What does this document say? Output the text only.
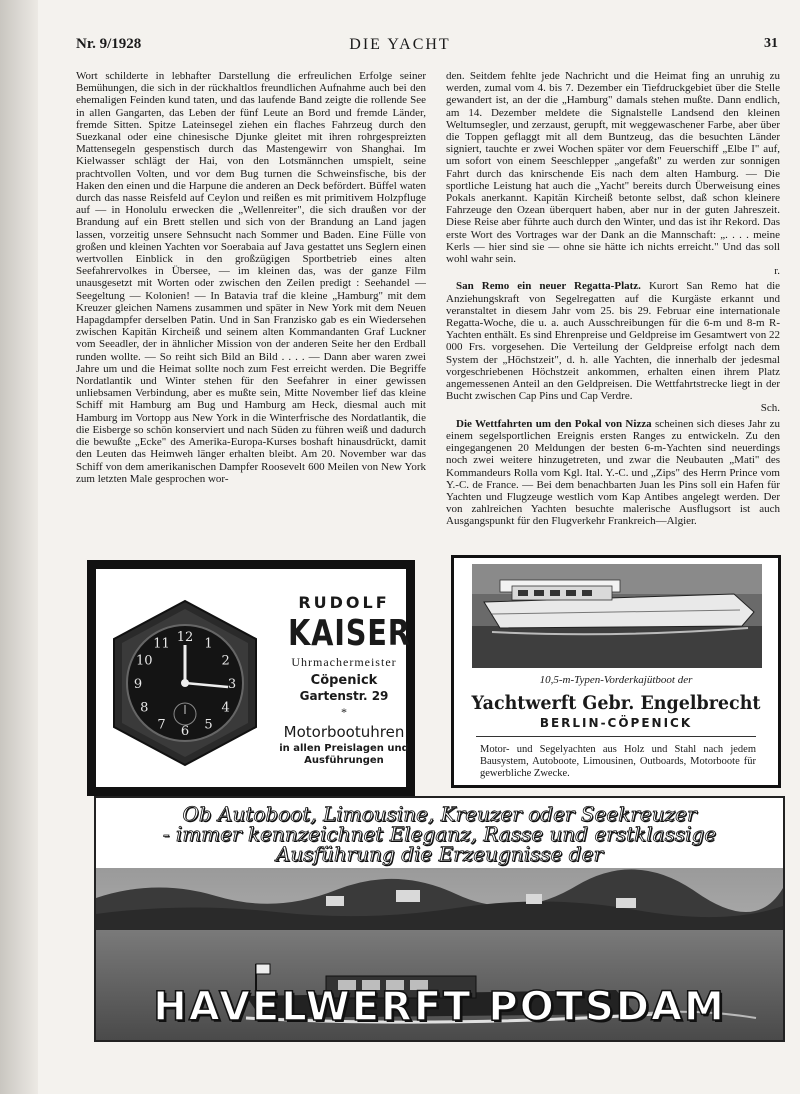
DIE YACHT
Nr. 9/1928	31

Wort schilderte in lebhafter Darstellung die erfreulichen Erfolge seiner Bemühungen, die sich in der rückhaltlos freundlichen Aufnahme auch bei den ehemaligen Feinden kund taten, und das laufende Band zeigte die rollende See in allen Gangarten, das Leben der fünf Leute an Bord und fremde Länder, fremde Sitten. Spitze Lateinsegel ziehen ein flaches Fahrzeug durch den Suezkanal oder eine chinesische Djunke gleitet mit ihren rohrgespreizten Mattensegeln gespenstisch durch das Mastengewirr von Shanghai. Im Kielwasser schlägt der Hai, von den Lotsmännchen umspielt, seine prachtvollen Volten, und vor dem Bug turnen die Schweinsfische, bis der Haken den einen und die Harpune die anderen an Deck befördert. Büffel waten durch das nasse Reisfeld auf Ceylon und reißen es mit primitivem Holzpfluge auf — in Honolulu erwecken die „Wellenreiter", die sich draußen vor der Brandung auf ein Brett stellen und sich von der Brandung an Land jagen lassen, vorzeitig unsere Sehnsucht nach Sommer und Baden. Eine Fülle von großen und kleinen Yachten vor Soerabaia auf Java gestattet uns Seglern einen wertvollen Einblick in den großzügigen Sportbetrieb eines alten Seefahrervolkes in Übersee, — im kleinen das, was der ganze Film unausgesetzt mit Worten oder zwischen den Zeilen predigt : Seehandel — Seegeltung — Kolonien! — In Batavia traf die kleine „Hamburg" mit dem Kreuzer gleichen Namens zusammen und später in New York mit dem Neuen Hapagdampfer derselben Patin. Und in San Franzisko gab es ein Wiedersehen zwischen Kapitän Kircheiß und seinem alten Kommandanten Graf Luckner vom Seeadler, der in ähnlicher Mission von der anderen Seite her den Erdball runden wollte. — So reiht sich Bild an Bild . . . . — Dann aber waren zwei Jahre um und die Heimat sollte noch zum Fest erreicht werden. Die Begriffe Nordatlantik und Winter stehen für den Seefahrer in einer gewissen unliebsamen Verbindung, aber es mußte sein, Mitte November lief das kleine Schiff mit Hamburg am Bug und Hamburg am Heck, diesmal auch mit Hamburg im Vortopp aus New York in die Winterfrische des Nordatlantik, die die Eisberge so schön konserviert und nach Süden zu führen weiß und dadurch die bewußte „Ecke" des Amerika-Europa-Kurses boshaft hinausdrückt, damit den Leuten das Heimweh länger erhalten bleibt. Am 20. November war das Schiff von dem amerikanischen Dampfer Roosevelt 600 Meilen von New York zum letzten Male gesprochen wor-

den. Seitdem fehlte jede Nachricht und die Heimat fing an unruhig zu werden, zumal vom 4. bis 7. Dezember ein Tiefdruckgebiet über die Stelle gewandert ist, an der die „Hamburg" damals stehen mußte. Dann endlich, am 14. Dezember meldete die Signalstelle Landsend den kleinen Weltumsegler, und zerzaust, gerupft, mit weggewaschener Farbe, aber über die Toppen geflaggt mit all dem Buntzeug, das die besuchten Länder signiert, tauchte er zwei Wochen später vor dem Feuerschiff „Elbe I" auf, um sofort von einem Seeschlepper „angefaßt" zu werden zur sonnigen Fahrt durch das knirschende Eis nach dem alten Hamburg. — Die sportliche Leistung hat auch die „Yacht" bereits durch Überweisung eines Pokals anerkannt. Kapitän Kircheiß betonte selbst, daß schon kleinere Fahrzeuge den Ozean überquert haben, aber nur in der guten Jahreszeit. Diese Reise aber führte auch durch den Winter, und das ist ihr Rekord. Das erste Wort des Vortrages war der Dank an die Mannschaft: „. . . . meine Kerls — hier sind sie — ohne sie hätte ich nichts erreicht." Und das soll wohl wahr sein.
r.

San Remo ein neuer Regatta-Platz. Kurort San Remo hat die Anziehungskraft von Segelregatten auf die Kurgäste erkannt und veranstaltet in diesem Jahr vom 25. bis 29. Februar eine internationale Regatta-Woche, die u. a. auch Ausschreibungen für die 6-m und 8-m R-Yachten enthält. Es sind Ehrenpreise und Geldpreise im Gesamtwert von 22 000 Frs. vorgesehen. Die Verteilung der Geldpreise erfolgt nach dem System der „Höchstzeit", d. h. alle Yachten, die innerhalb der jedesmal vorgeschriebenen Höchstzeit ankommen, erhalten einen ihrem Platz angemessenen Anteil an den Geldpreisen. Die Wettfahrtstrecke liegt in der Bucht zwischen Cap Pins und Cap Verdre.
Sch.

Die Wettfahrten um den Pokal von Nizza scheinen sich dieses Jahr zu einem segelsportlichen Ereignis ersten Ranges zu entwickeln. Zu den eingegangenen 20 Meldungen der besten 6-m-Yachten sind neuerdings noch zwei weitere hinzugetreten, und zwar die Neubauten „Mati" des Kommandeurs Rolla vom Kgl. Ital. Y.-C. und „Zips" des Herrn Prince vom Y.-C. de France. — Bei dem benachbarten Juan les Pins soll ein Hafen für Yachten und Flugzeuge westlich vom Kap Antibes angelegt werden. Der von zahlreichen Yachten besuchte malerische Ausflugsort ist auch Ausgangspunkt für den Flugverkehr Frankreich—Algier.

12 1
2
3
4
5
6
7
8
9
10
11
RUDOLF
KAISER
Uhrmachermeister
Cöpenick
Gartenstr. 29
*
Motorbootuhren
in allen Preislagen und Ausführungen
10,5-m-Typen-Vorderkajütboot der
Yachtwerft Gebr. Engelbrecht
BERLIN-CÖPENICK
Motor- und Segelyachten aus Holz und Stahl nach jedem Bausystem, Autoboote, Limousinen, Outboards, Motorboote für gewerbliche Zwecke.
Ob Autoboot, Limousine, Kreuzer oder Seekreuzer
- immer kennzeichnet Eleganz, Rasse und erstklassige
Ausführung die Erzeugnisse der
HAVELWERFT POTSDAM
